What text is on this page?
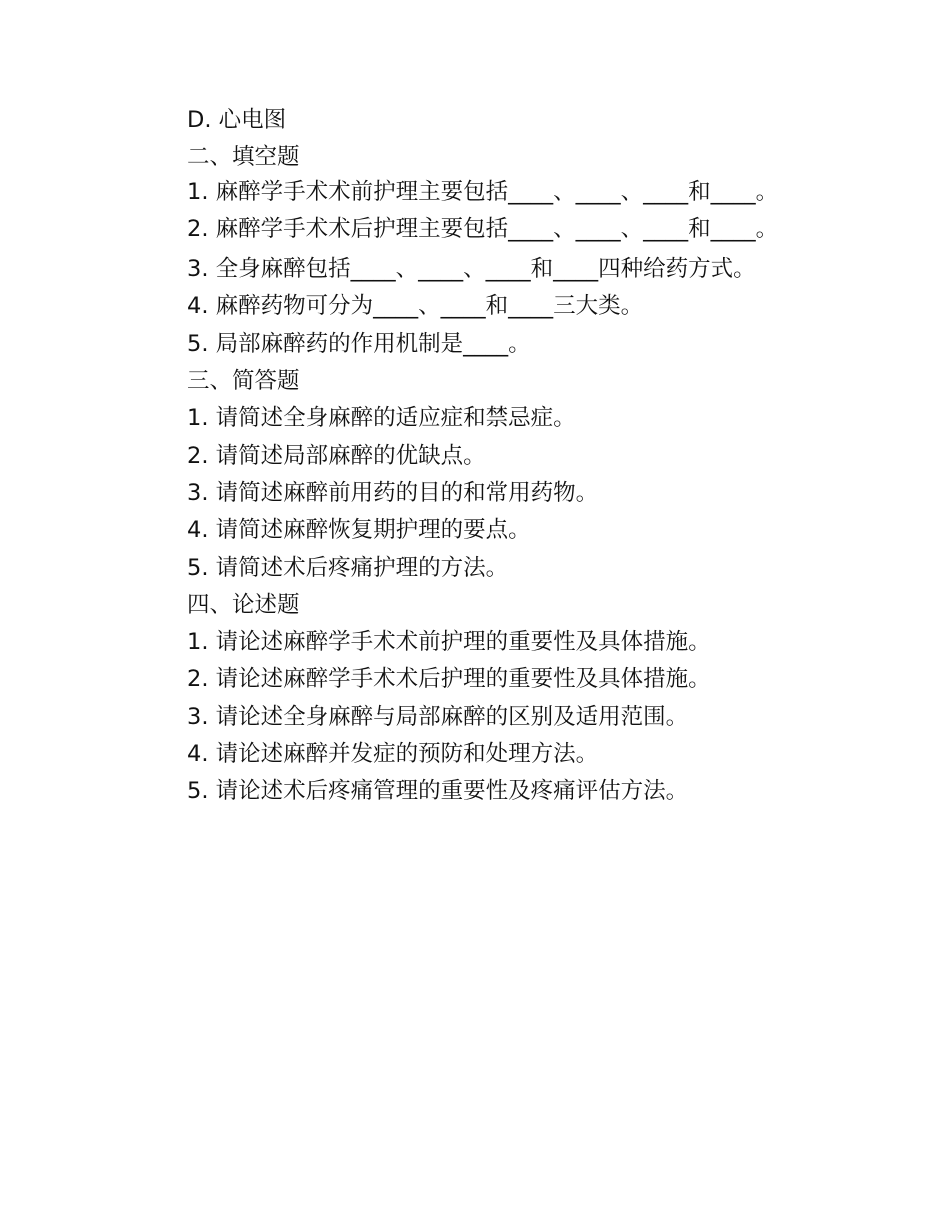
D. 心电图

二、填空题

1. 麻醉学手术术前护理主要包括____、____、____和____。

2. 麻醉学手术术后护理主要包括____、____、____和____。

3. 全身麻醉包括____、____、____和____四种给药方式。

4. 麻醉药物可分为____、____和____三大类。

5. 局部麻醉药的作用机制是____。

三、简答题

1. 请简述全身麻醉的适应症和禁忌症。

2. 请简述局部麻醉的优缺点。

3. 请简述麻醉前用药的目的和常用药物。

4. 请简述麻醉恢复期护理的要点。

5. 请简述术后疼痛护理的方法。

四、论述题

1. 请论述麻醉学手术术前护理的重要性及具体措施。

2. 请论述麻醉学手术术后护理的重要性及具体措施。

3. 请论述全身麻醉与局部麻醉的区别及适用范围。

4. 请论述麻醉并发症的预防和处理方法。

5. 请论述术后疼痛管理的重要性及疼痛评估方法。
